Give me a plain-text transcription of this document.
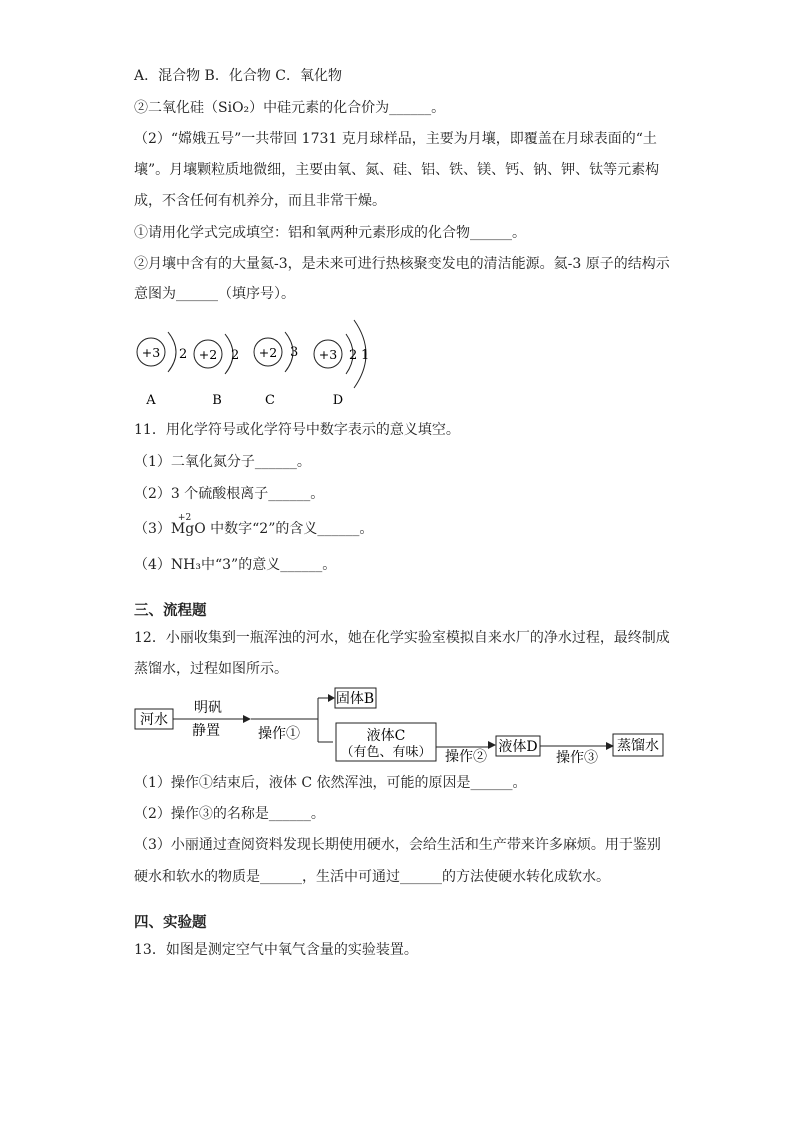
A．混合物 B．化合物 C．氧化物
②二氧化硅（SiO₂）中硅元素的化合价为______。
（2）“嫦娥五号”一共带回 1731 克月球样品，主要为月壤，即覆盖在月球表面的“土
壤”。月壤颗粒质地微细，主要由氧、氮、硅、铝、铁、镁、钙、钠、钾、钛等元素构
成，不含任何有机养分，而且非常干燥。
①请用化学式完成填空：铝和氧两种元素形成的化合物______。
②月壤中含有的大量氦-3，是未来可进行热核聚变发电的清洁能源。氦-3 原子的结构示
意图为______（填序号）。
+3 2
A
+2 2
B
+2 3
C
+3 2 1
D
11．用化学符号或化学符号中数字表示的意义填空。
（1）二氧化氮分子______。
（2）3 个硫酸根离子______。
（3）
+2
MgO 中数字“2”的含义______。
（4）NH₃中“3”的意义______。
三、流程题
12．小丽收集到一瓶浑浊的河水，她在化学实验室模拟自来水厂的净水过程，最终制成
蒸馏水，过程如图所示。
河水
明矾
静置	操作①
固体B
液体C
（有色、有味） 操作②
液体D
操作③
蒸馏水
（1）操作①结束后，液体 C 依然浑浊，可能的原因是______。
（2）操作③的名称是______。
（3）小丽通过查阅资料发现长期使用硬水，会给生活和生产带来许多麻烦。用于鉴别
硬水和软水的物质是______，生活中可通过______的方法使硬水转化成软水。
四、实验题
13．如图是测定空气中氧气含量的实验装置。
